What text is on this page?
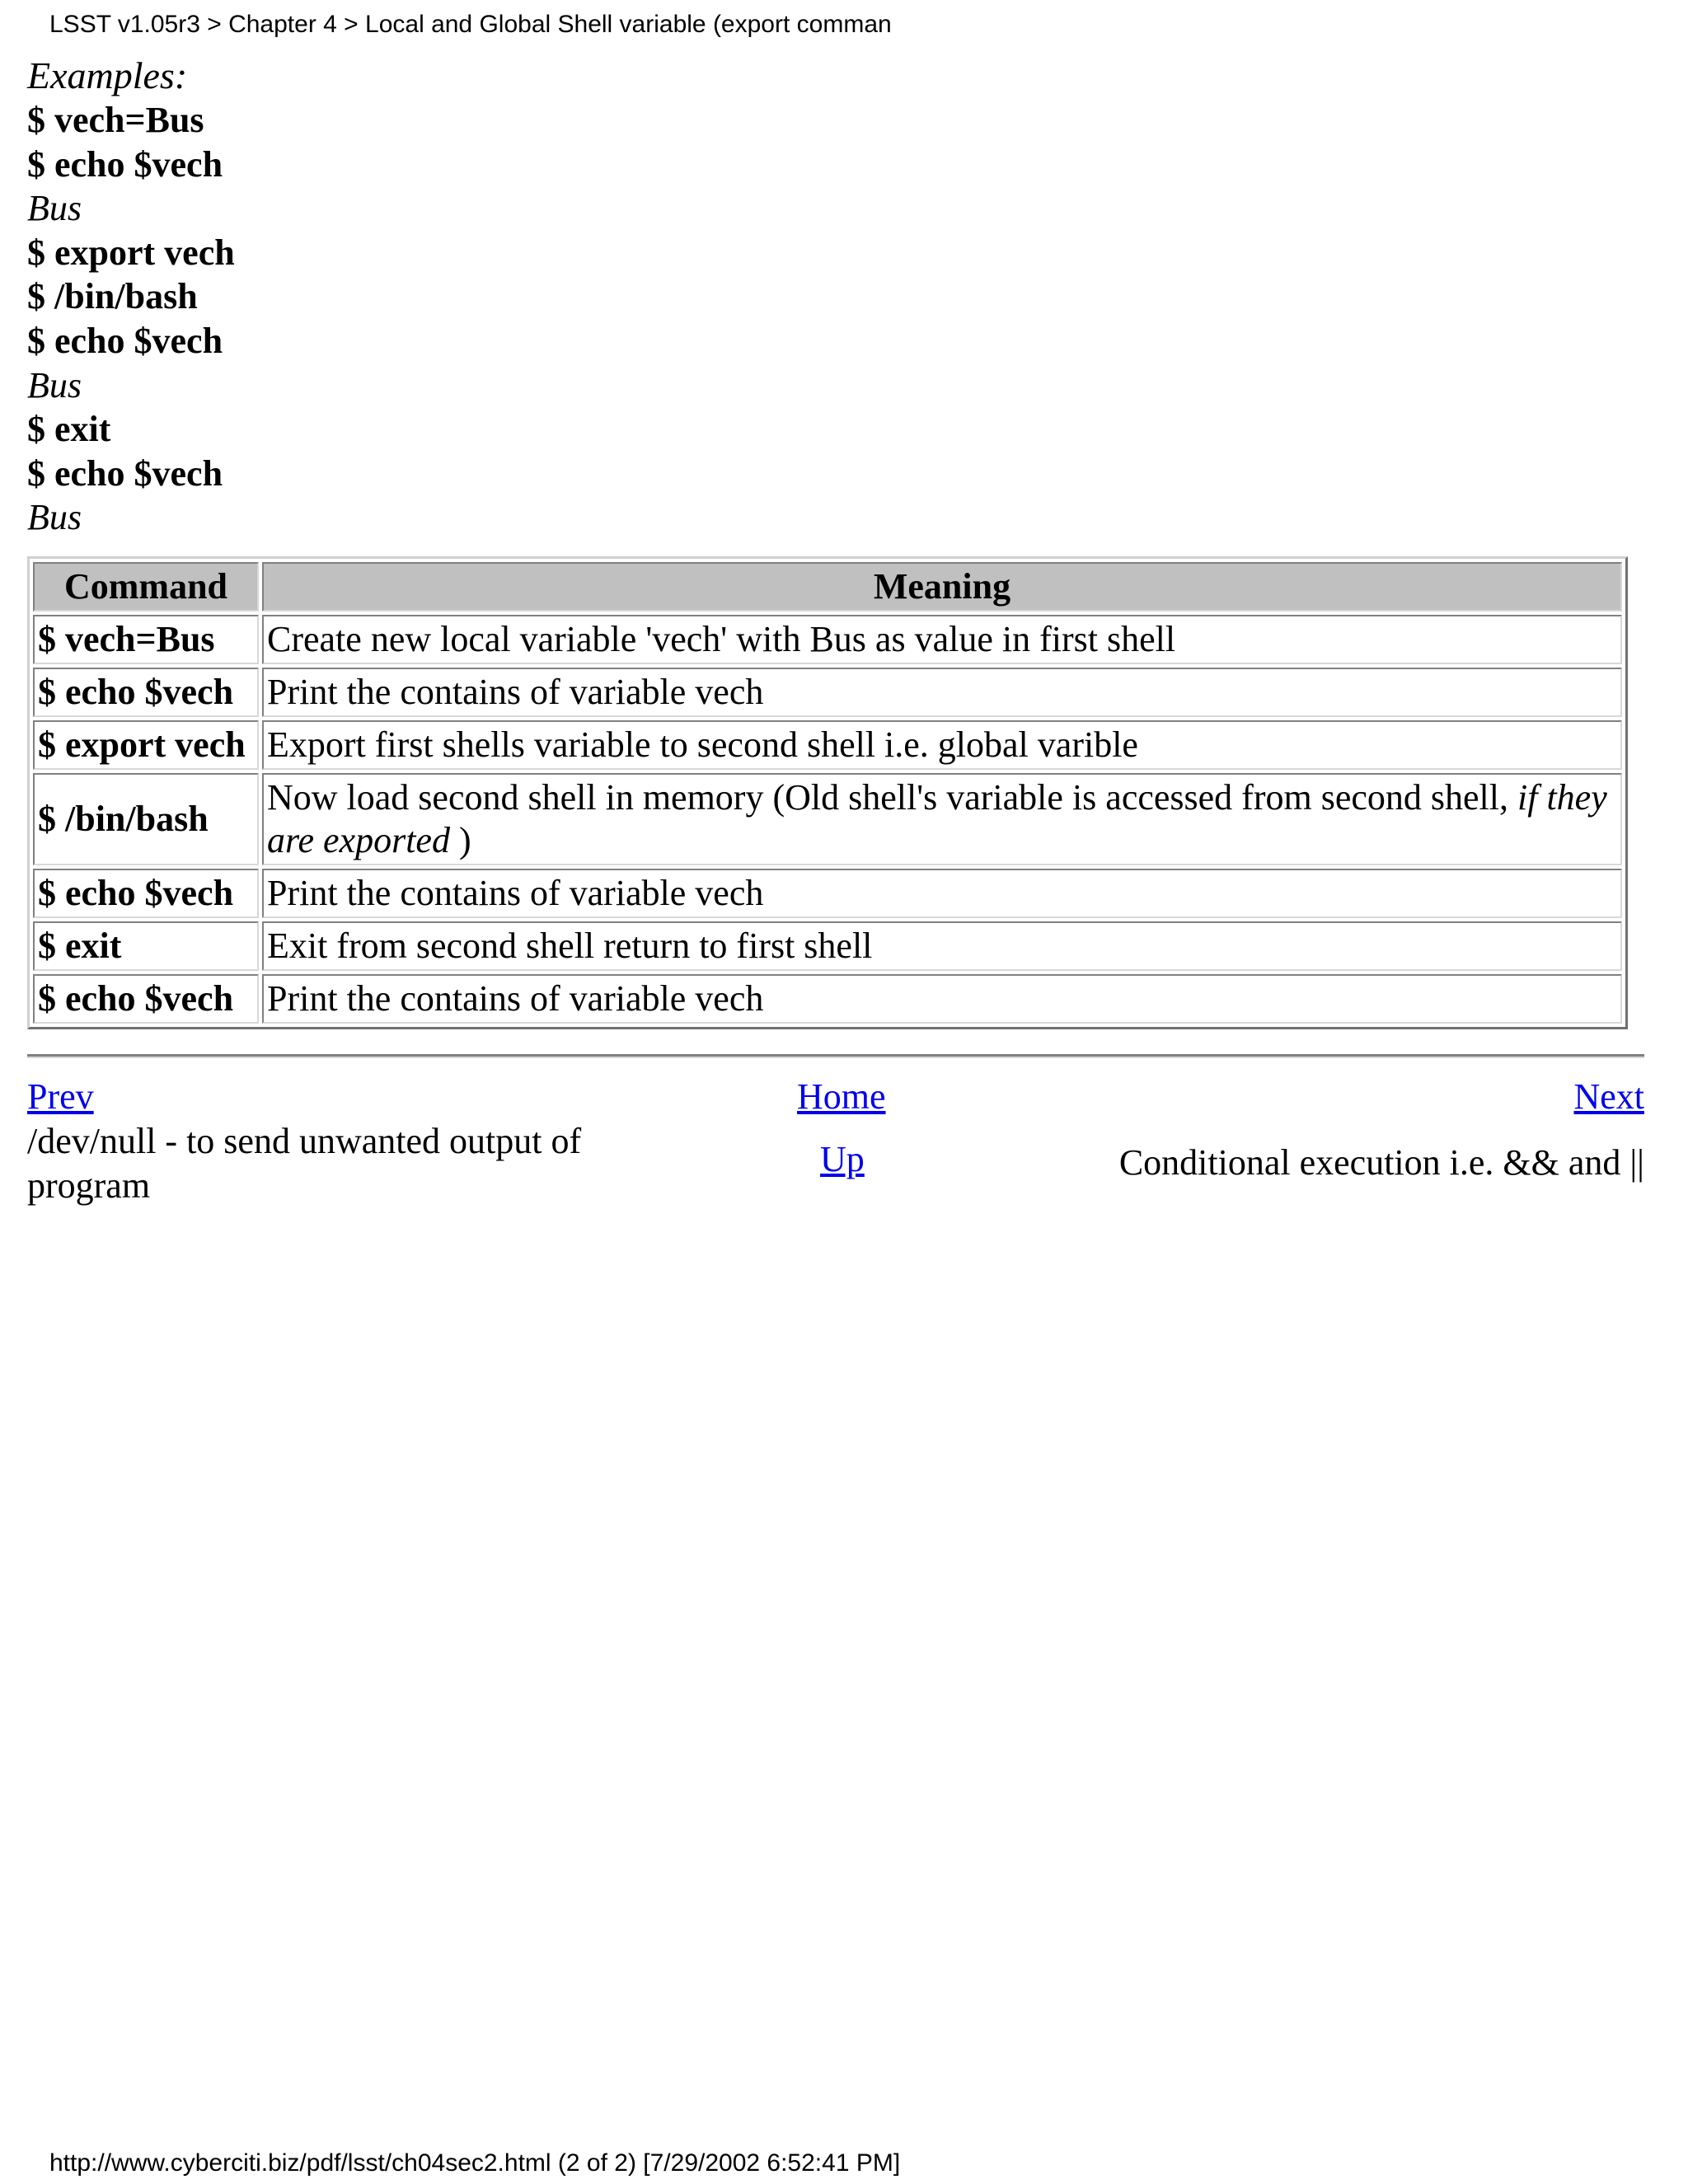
LSST v1.05r3 > Chapter 4 > Local and Global Shell variable (export comman

Examples:

$ vech=Bus
$ echo $vech
Bus
$ export vech
$ /bin/bash
$ echo $vech
Bus
$ exit
$ echo $vech
Bus
Command	Meaning
$ vech=Bus	Create new local variable 'vech' with Bus as value in first shell
$ echo $vech	Print the contains of variable vech
$ export vech	Export first shells variable to second shell i.e. global varible
$ /bin/bash	Now load second shell in memory (Old shell's variable is accessed from second shell, if they are exported )
$ echo $vech	Print the contains of variable vech
$ exit	Exit from second shell return to first shell
$ echo $vech	Print the contains of variable vech
Prev	Home	Next
/dev/null - to send unwanted output of program
Up	Conditional execution i.e. && and ||
http://www.cyberciti.biz/pdf/lsst/ch04sec2.html (2 of 2) [7/29/2002 6:52:41 PM]
